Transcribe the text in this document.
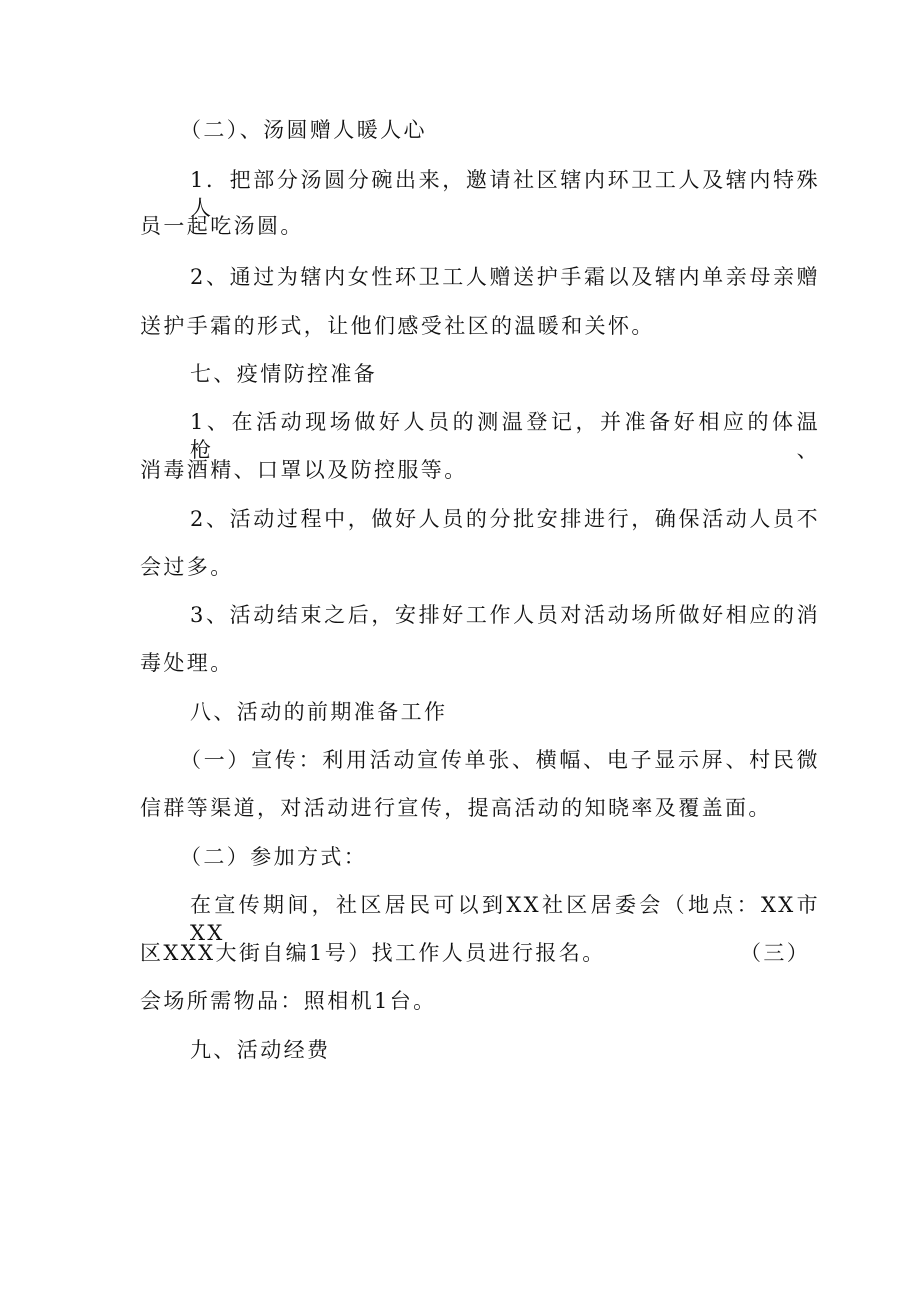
（二）、汤圆赠人暖人心
1．把部分汤圆分碗出来，邀请社区辖内环卫工人及辖内特殊人
员一起吃汤圆。
2、通过为辖内女性环卫工人赠送护手霜以及辖内单亲母亲赠
送护手霜的形式，让他们感受社区的温暖和关怀。
七、疫情防控准备
1、在活动现场做好人员的测温登记，并准备好相应的体温枪、
消毒酒精、口罩以及防控服等。
2、活动过程中，做好人员的分批安排进行，确保活动人员不
会过多。
3、活动结束之后，安排好工作人员对活动场所做好相应的消
毒处理。
八、活动的前期准备工作
（一）宣传：利用活动宣传单张、横幅、电子显示屏、村民微
信群等渠道，对活动进行宣传，提高活动的知晓率及覆盖面。
（二）参加方式：
在宣传期间，社区居民可以到XX社区居委会（地点：XX市XX
区XXX大街自编1号）找工作人员进行报名。	（三）
会场所需物品：照相机1台。
九、活动经费
